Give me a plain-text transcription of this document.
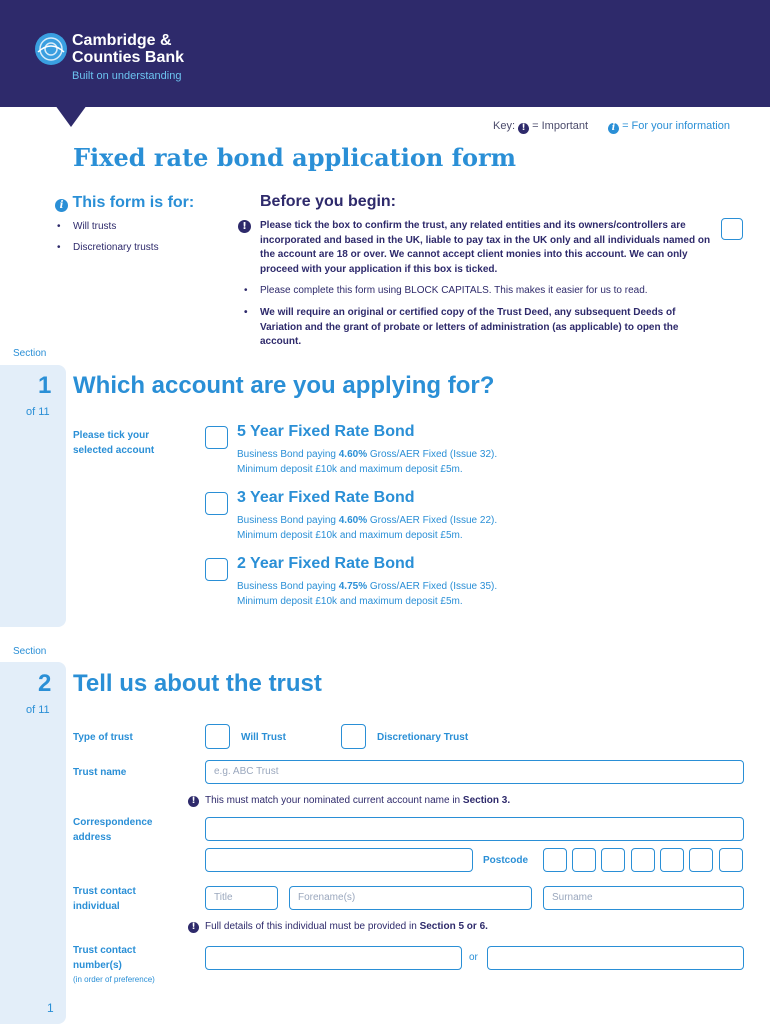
Cambridge & Counties Bank
Built on understanding
Key: ! = Important	i = For your information
Fixed rate bond application form
i This form is for:
• Will trusts
• Discretionary trusts
Before you begin:
!	Please tick the box to confirm the trust, any related entities and its owners/controllers are incorporated and based in the UK, liable to pay tax in the UK only and all individuals named on the account are 18 or over. We cannot accept client monies into this account. We can only proceed with your application if this box is ticked.
• Please complete this form using BLOCK CAPITALS. This makes it easier for us to read.
• We will require an original or certified copy of the Trust Deed, any subsequent Deeds of Variation and the grant of probate or letters of administration (as applicable) to open the account.
Section
1
of 11
Which account are you applying for?
Please tick your selected account
5 Year Fixed Rate Bond
Business Bond paying 4.60% Gross/AER Fixed (Issue 32).
Minimum deposit £10k and maximum deposit £5m.
3 Year Fixed Rate Bond
Business Bond paying 4.60% Gross/AER Fixed (Issue 22).
Minimum deposit £10k and maximum deposit £5m.
2 Year Fixed Rate Bond
Business Bond paying 4.75% Gross/AER Fixed (Issue 35).
Minimum deposit £10k and maximum deposit £5m.
Section
2
of 11
Tell us about the trust
Type of trust	Will Trust	Discretionary Trust
Trust name	e.g. ABC Trust
! This must match your nominated current account name in Section 3.
Correspondence address
Postcode
Trust contact individual
Title	Forename(s)	Surname
! Full details of this individual must be provided in Section 5 or 6.
Trust contact number(s)
(in order of preference)
or
1
